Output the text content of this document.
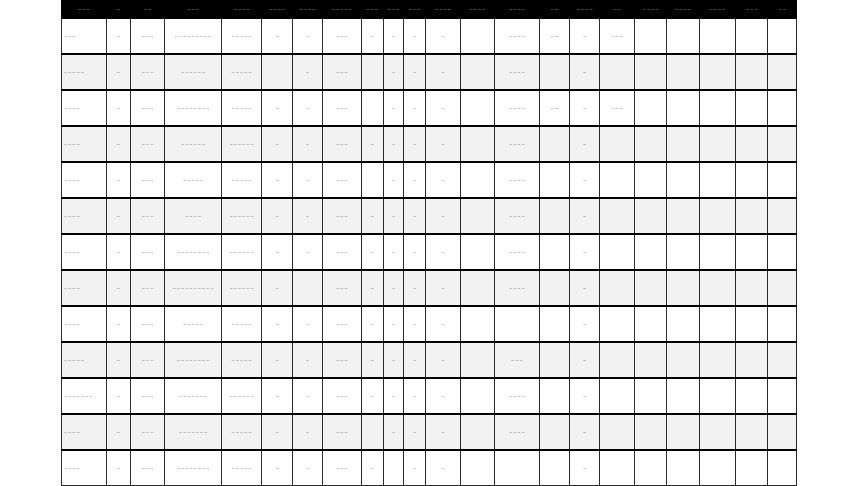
— — —	—	— —	— — —	— — — —	— — — —	— — — —	— — — — —	— — —	— — —	— — —	— — — —	— — — —	— — — —	— —	— — — —	— —	— — — —	— — — —	— — — —	— — —	— —
— — —	—	— — —	— — — — — — — — —	— — — — —	—	—	— — —	—	—	—	—		— — — —	— —	—	— — —					
— — — — —	—	— — —	— — — — — —	— — — — —		—	— — —		—	—	—		— — — —		—						
— — — —	—	— — —	— — — — — — — —	— — — — —	—	—	— — —		—	—	—		— — — —	— —	—	— — —					
— — — —	—	— — —	— — — — — —	— — — — — —	—	—	— — —	—	—	—	—		— — — —		—						
— — — —	—	— — —	— — — — —	— — — — —	—	—	— — —		—	—	—		— — — —		—						
— — — —	—	— — —	— — — —	— — — — — —	—	—	— — —	—	—	—	—		— — — —		—						
— — — —	—	— — —	— — — — — — — —	— — — — — —	—	—	— — —	—	—	—	—		— — — —		—						
— — — —	—	— — —	— — — — — — — — — —	— — — — — —	—		— — —	—	—	—	—		— — — —		—						
— — — —	—	— — —	— — — — —	— — — — —	—	—	— — —	—	—	—	—				—						
— — — — —	—	— — —	— — — — — — — —	— — — — —	—	—	— — —	—	—	—	—		— — —		—						
— — — — — — —	—	— — —	— — — — — — —	— — — — — —	—	—	— — —	—	—	—	—		— — — —		—						
— — — —	—	— — —	— — — — — — —	— — — — —	—	—	— — —		—	—	—		— — — —		—						
— — — —	—	— — —	— — — — — — — —	— — — — —	—	—	— — —	—		—	—				—						
